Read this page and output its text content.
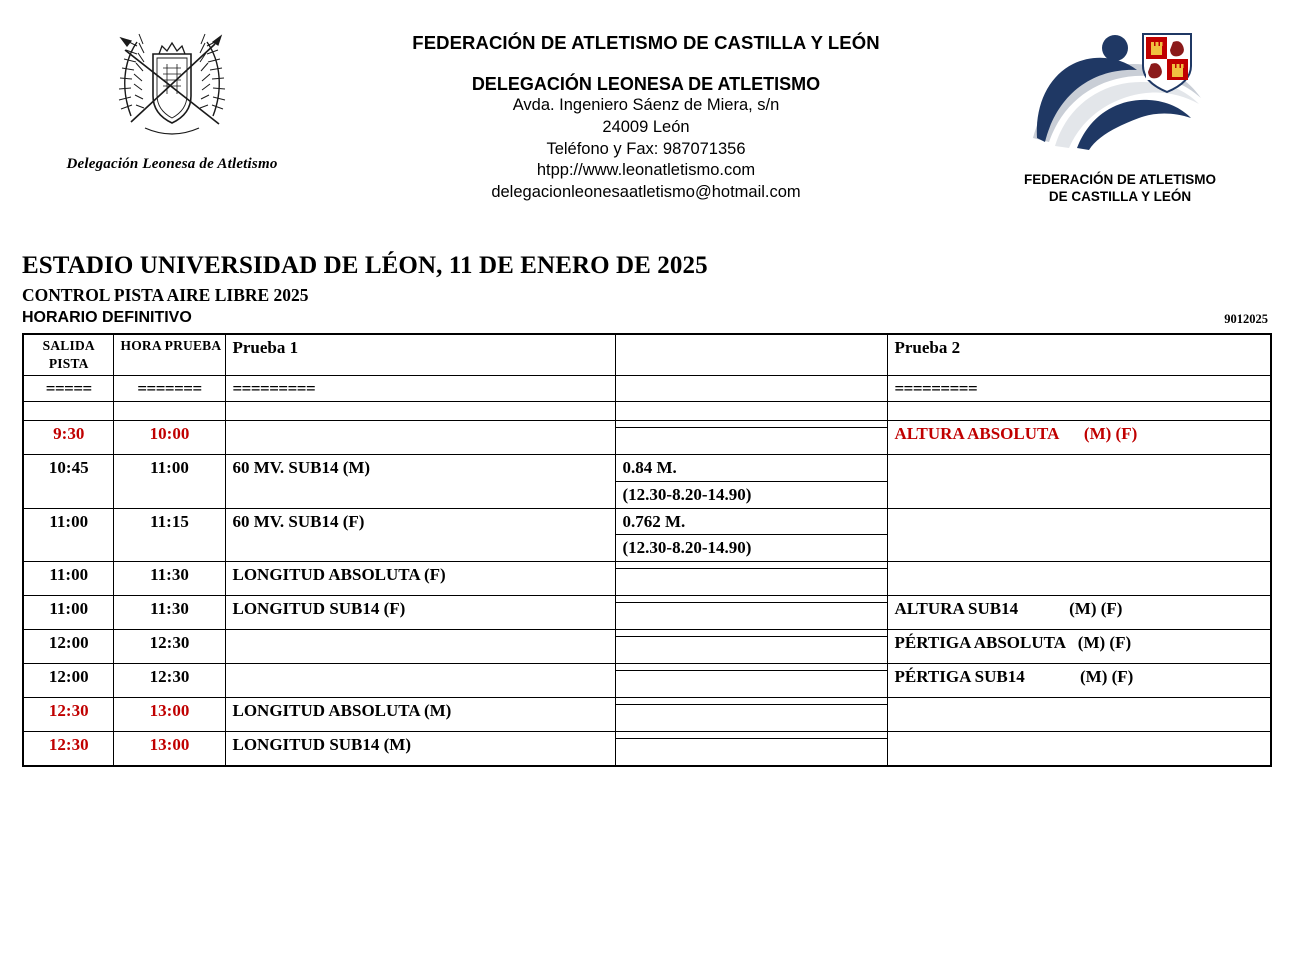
Delegación Leonesa de Atletismo
FEDERACIÓN DE ATLETISMO DE CASTILLA Y LEÓN
DELEGACIÓN LEONESA DE ATLETISMO
Avda. Ingeniero Sáenz de Miera, s/n
24009 León
Teléfono y Fax: 987071356
htpp://www.leonatletismo.com
delegacionleonesaatletismo@hotmail.com
FEDERACIÓN DE ATLETISMO
DE CASTILLA Y LEÓN
ESTADIO UNIVERSIDAD DE LÉON, 11 DE ENERO DE 2025
CONTROL PISTA AIRE LIBRE 2025
HORARIO DEFINITIVO	9012025
SALIDA
PISTA	HORA PRUEBA	Prueba 1		Prueba 2

=====	=======	=========		=========

9:30	10:00			ALTURA ABSOLUTA      (M) (F)

10:45	11:00	60 MV. SUB14 (M)	0.84 M.	

			(12.30-8.20-14.90)	

11:00	11:15	60 MV. SUB14 (F)	0.762 M.	

			(12.30-8.20-14.90)	

11:00	11:30	LONGITUD ABSOLUTA (F)		

11:00	11:30	LONGITUD SUB14 (F)		ALTURA SUB14            (M) (F)

12:00	12:30			PÉRTIGA ABSOLUTA   (M) (F)

12:00	12:30			PÉRTIGA SUB14             (M) (F)

12:30	13:00	LONGITUD ABSOLUTA (M)		

12:30	13:00	LONGITUD SUB14 (M)		
